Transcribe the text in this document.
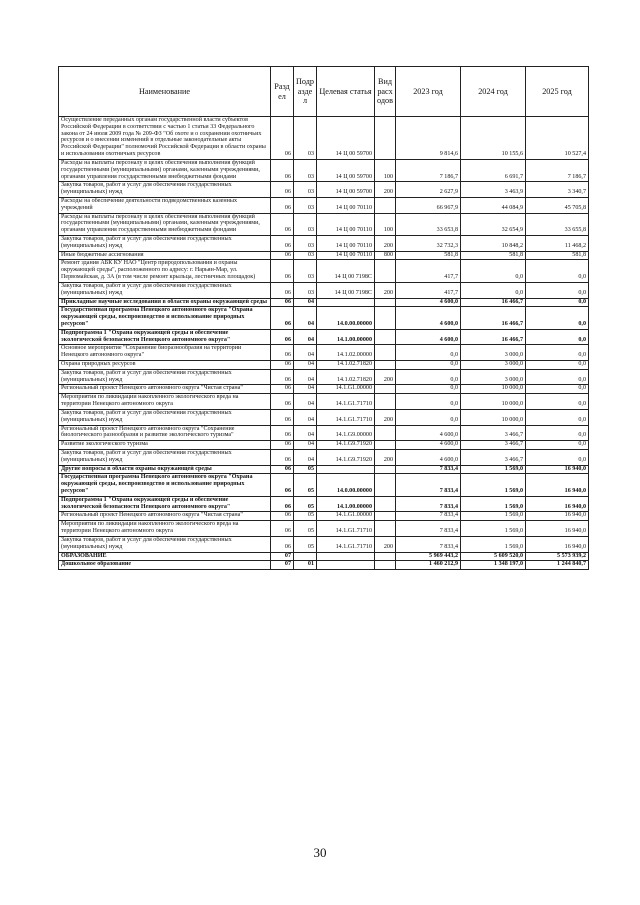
Наименование	Разд ел	Подр азде л	Целевая статья	Вид расх одов	2023 год	2024 год	2025 год
Осуществление переданных органам государственной власти субъектов Российской Федерации в соответствии с частью 1 статьи 33 Федерального закона от 24 июля 2009 года № 209-ФЗ "Об охоте и о сохранении охотничьих ресурсов и о внесении изменений в отдельные законодательные акты Российской Федерации" полномочий Российской Федерации в области охраны и использования охотничьих ресурсов	06	03	14 Ц 00 59700		9 814,6	10 155,6	10 527,4
Расходы на выплаты персоналу в целях обеспечения выполнения функций государственными (муниципальными) органами, казенными учреждениями, органами управления государственными внебюджетными фондами	06	03	14 Ц 00 59700	100	7 186,7	6 691,7	7 186,7
Закупка товаров, работ и услуг для обеспечения государственных (муниципальных) нужд	06	03	14 Ц 00 59700	200	2 627,9	3 463,9	3 340,7
Расходы на обеспечение деятельности подведомственных казенных учреждений	06	03	14 Ц 00 70110		66 967,9	44 084,9	45 705,8
Расходы на выплаты персоналу в целях обеспечения выполнения функций государственными (муниципальными) органами, казенными учреждениями, органами управления государственными внебюджетными фондами	06	03	14 Ц 00 70110	100	33 653,8	32 654,9	33 655,8
Закупка товаров, работ и услуг для обеспечения государственных (муниципальных) нужд	06	03	14 Ц 00 70110	200	32 732,3	10 848,2	11 468,2
Иные бюджетные ассигнования	06	03	14 Ц 00 70110	800	581,8	581,8	581,8
Ремонт здания АБК КУ НАО "Центр природопользования и охраны окружающей среды", расположенного по адресу: г. Нарьян-Мар, ул. Первомайская, д. 3А (в том числе ремонт крыльца, лестничных площадок)	06	03	14 Ц 00 7198С		417,7	0,0	0,0
Закупка товаров, работ и услуг для обеспечения государственных (муниципальных) нужд	06	03	14 Ц 00 7198С	200	417,7	0,0	0,0
Прикладные научные исследования в области охраны окружающей среды	06	04			4 600,0	16 466,7	0,0
Государственная программа Ненецкого автономного округа "Охрана окружающей среды, воспроизводство и использование природных ресурсов"	06	04	14.0.00.00000		4 600,0	16 466,7	0,0
Подпрограмма 1 "Охрана окружающей среды и обеспечение экологической безопасности Ненецкого автономного округа"	06	04	14.1.00.00000		4 600,0	16 466,7	0,0
Основное мероприятие "Сохранение биоразнообразия на территории Ненецкого автономного округа"	06	04	14.1.02.00000		0,0	3 000,0	0,0
Охрана природных ресурсов	06	04	14.1.02.71820		0,0	3 000,0	0,0
Закупка товаров, работ и услуг для обеспечения государственных (муниципальных) нужд	06	04	14.1.02.71820	200	0,0	3 000,0	0,0
Региональный проект Ненецкого автономного округа "Чистая страна"	06	04	14.1.G1.00000		0,0	10 000,0	0,0
Мероприятия по ликвидации накопленного экологического вреда на территории Ненецкого автономного округа	06	04	14.1.G1.71710		0,0	10 000,0	0,0
Закупка товаров, работ и услуг для обеспечения государственных (муниципальных) нужд	06	04	14.1.G1.71710	200	0,0	10 000,0	0,0
Региональный проект Ненецкого автономного округа "Сохранение биологического разнообразия и развитие экологического туризма"	06	04	14.1.G9.00000		4 600,0	3 466,7	0,0
Развитие экологического туризма	06	04	14.1.G9.71920		4 600,0	3 466,7	0,0
Закупка товаров, работ и услуг для обеспечения государственных (муниципальных) нужд	06	04	14.1.G9.71920	200	4 600,0	3 466,7	0,0
Другие вопросы в области охраны окружающей среды	06	05			7 833,4	1 569,0	16 940,0
Государственная программа Ненецкого автономного округа "Охрана окружающей среды, воспроизводство и использование природных ресурсов"	06	05	14.0.00.00000		7 833,4	1 569,0	16 940,0
Подпрограмма 1 "Охрана окружающей среды и обеспечение экологической безопасности Ненецкого автономного округа"	06	05	14.1.00.00000		7 833,4	1 569,0	16 940,0
Региональный проект Ненецкого автономного округа "Чистая страна"	06	05	14.1.G1.00000		7 833,4	1 569,0	16 940,0
Мероприятия по ликвидации накопленного экологического вреда на территории Ненецкого автономного округа	06	05	14.1.G1.71710		7 833,4	1 569,0	16 940,0
Закупка товаров, работ и услуг для обеспечения государственных (муниципальных) нужд	06	05	14.1.G1.71710	200	7 833,4	1 569,0	16 940,0
ОБРАЗОВАНИЕ	07				5 969 443,2	5 609 520,0	5 573 939,2
Дошкольное образование	07	01			1 460 212,9	1 348 197,0	1 244 840,7
30
